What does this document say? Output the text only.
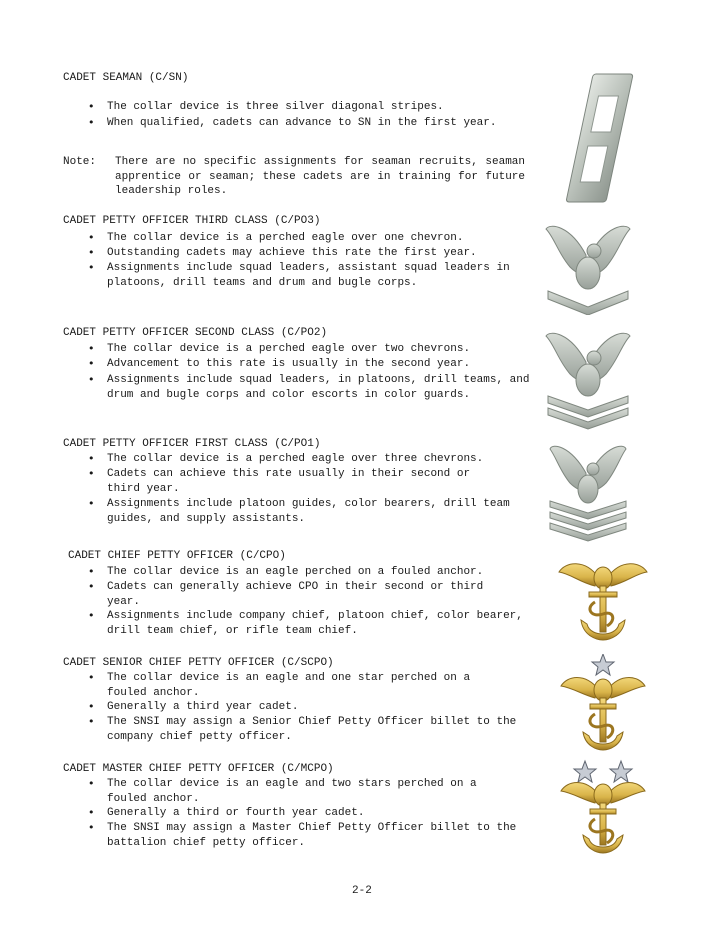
CADET SEAMAN (C/SN)
• The collar device is three silver diagonal stripes.
• When qualified, cadets can advance to SN in the first year.
Note: There are no specific assignments for seaman recruits, seaman apprentice or seaman; these cadets are in training for future leadership roles.
CADET PETTY OFFICER THIRD CLASS (C/PO3)
• The collar device is a perched eagle over one chevron.
• Outstanding cadets may achieve this rate the first year.
• Assignments include squad leaders, assistant squad leaders in platoons, drill teams and drum and bugle corps.
CADET PETTY OFFICER SECOND CLASS (C/PO2)
• The collar device is a perched eagle over two chevrons.
• Advancement to this rate is usually in the second year.
• Assignments include squad leaders, in platoons, drill teams, and drum and bugle corps and color escorts in color guards.
CADET PETTY OFFICER FIRST CLASS (C/PO1)
• The collar device is a perched eagle over three chevrons.
• Cadets can achieve this rate usually in their second or third year.
• Assignments include platoon guides, color bearers, drill team guides, and supply assistants.
CADET CHIEF PETTY OFFICER (C/CPO)
• The collar device is an eagle perched on a fouled anchor.
• Cadets can generally achieve CPO in their second or third year.
• Assignments include company chief, platoon chief, color bearer, drill team chief, or rifle team chief.
CADET SENIOR CHIEF PETTY OFFICER (C/SCPO)
• The collar device is an eagle and one star perched on a fouled anchor.
• Generally a third year cadet.
• The SNSI may assign a Senior Chief Petty Officer billet to the company chief petty officer.
CADET MASTER CHIEF PETTY OFFICER (C/MCPO)
• The collar device is an eagle and two stars perched on a fouled anchor.
• Generally a third or fourth year cadet.
• The SNSI may assign a Master Chief Petty Officer billet to the battalion chief petty officer.
2-2
